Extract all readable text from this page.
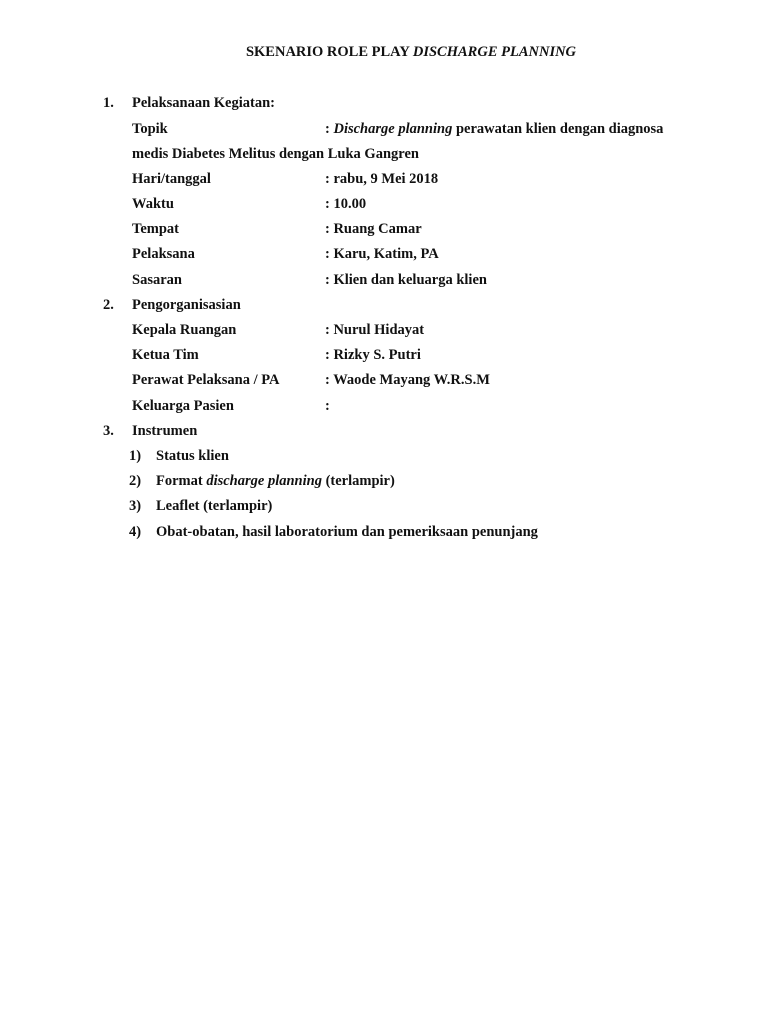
SKENARIO ROLE PLAY DISCHARGE PLANNING
1. Pelaksanaan Kegiatan:
Topik	: Discharge planning perawatan klien dengan diagnosa
medis Diabetes Melitus dengan Luka Gangren
Hari/tanggal	: rabu, 9 Mei 2018
Waktu	: 10.00
Tempat	: Ruang Camar
Pelaksana	: Karu, Katim, PA
Sasaran	: Klien dan keluarga klien
2. Pengorganisasian
Kepala Ruangan	: Nurul Hidayat
Ketua Tim	: Rizky S. Putri
Perawat Pelaksana / PA	: Waode Mayang W.R.S.M
Keluarga Pasien	:
3. Instrumen
1) Status klien
2) Format discharge planning (terlampir)
3) Leaflet (terlampir)
4) Obat-obatan, hasil laboratorium dan pemeriksaan penunjang
